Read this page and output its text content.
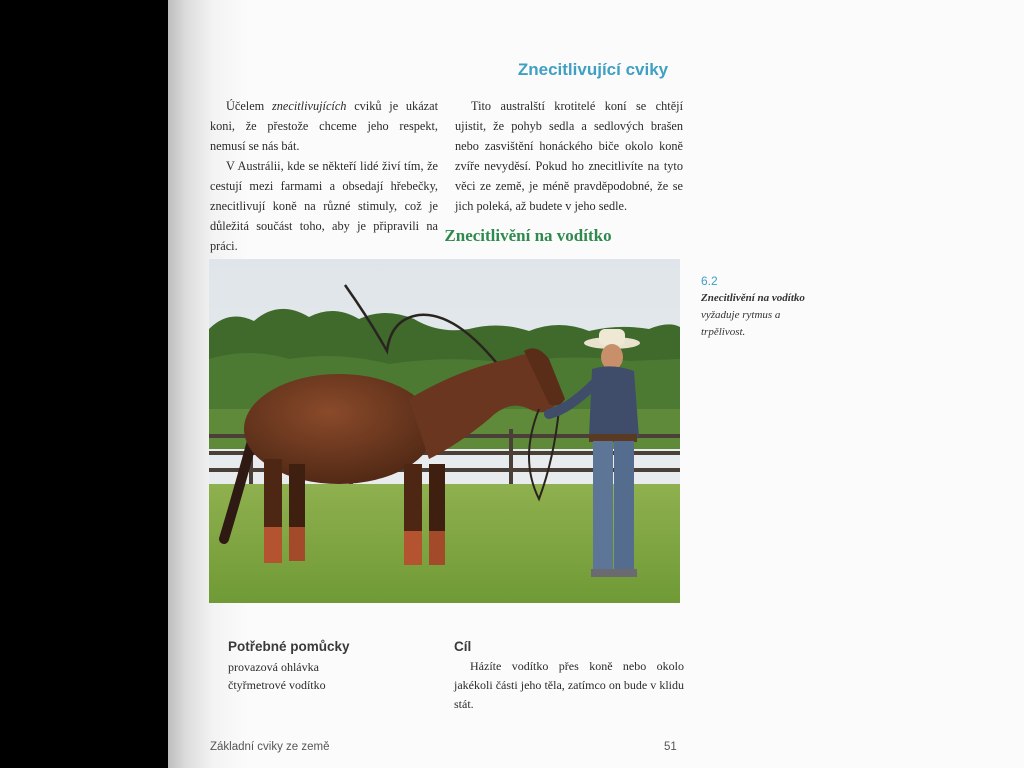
Znecitlivující cviky

Účelem znecitlivujících cviků je ukázat koni, že přestože chceme jeho respekt, nemusí se nás bát.

V Austrálii, kde se někteří lidé živí tím, že cestují mezi farmami a obsedají hřebečky, znecitlivují koně na různé stimuly, což je důležitá součást toho, aby je připravili na práci.

Tito australští krotitelé koní se chtějí ujistit, že pohyb sedla a sedlových brašen nebo zasvištění honáckého biče okolo koně zvíře nevyděsí. Pokud ho znecitlivíte na tyto věci ze země, je méně pravděpodobné, že se jich poleká, až budete v jeho sedle.

Znecitlivění na vodítko
6.2
Znecitlivění na vodítko vyžaduje rytmus a trpělivost.
Potřebné pomůcky
provazová ohlávka
čtyřmetrové vodítko
Cíl

Házíte vodítko přes koně nebo okolo jakékoli části jeho těla, zatímco on bude v klidu stát.

Základní cviky ze země	51
